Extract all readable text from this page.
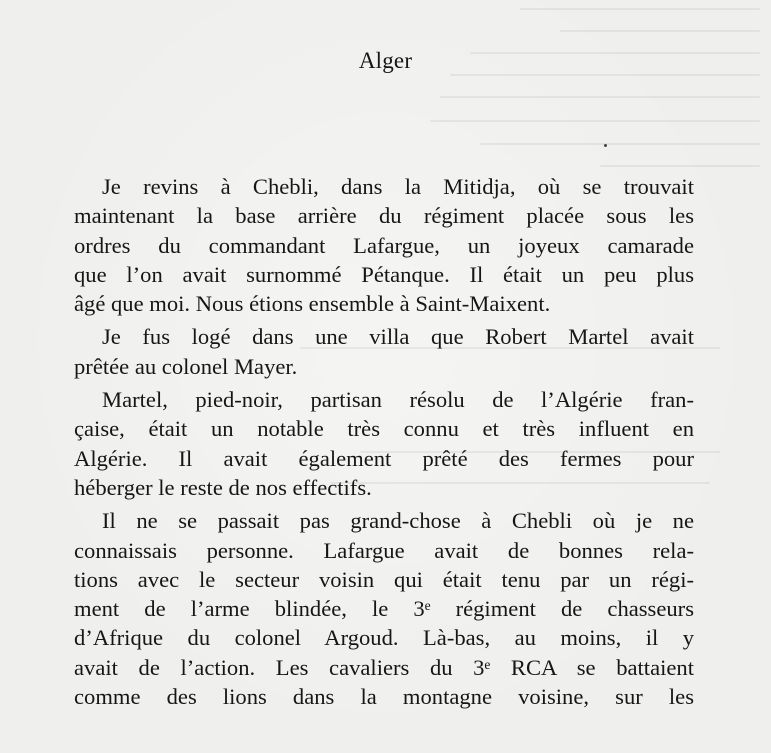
Alger
Je revins à Chebli, dans la Mitidja, où se trouvait
maintenant la base arrière du régiment placée sous les
ordres du commandant Lafargue, un joyeux camarade
que l’on avait surnommé Pétanque. Il était un peu plus
âgé que moi. Nous étions ensemble à Saint-Maixent.
Je fus logé dans une villa que Robert Martel avait
prêtée au colonel Mayer.
Martel, pied-noir, partisan résolu de l’Algérie fran-
çaise, était un notable très connu et très influent en
Algérie. Il avait également prêté des fermes pour
héberger le reste de nos effectifs.
Il ne se passait pas grand-chose à Chebli où je ne
connaissais personne. Lafargue avait de bonnes rela-
tions avec le secteur voisin qui était tenu par un régi-
ment de l’arme blindée, le 3ᵉ régiment de chasseurs
d’Afrique du colonel Argoud. Là-bas, au moins, il y
avait de l’action. Les cavaliers du 3ᵉ RCA se battaient
comme des lions dans la montagne voisine, sur les
